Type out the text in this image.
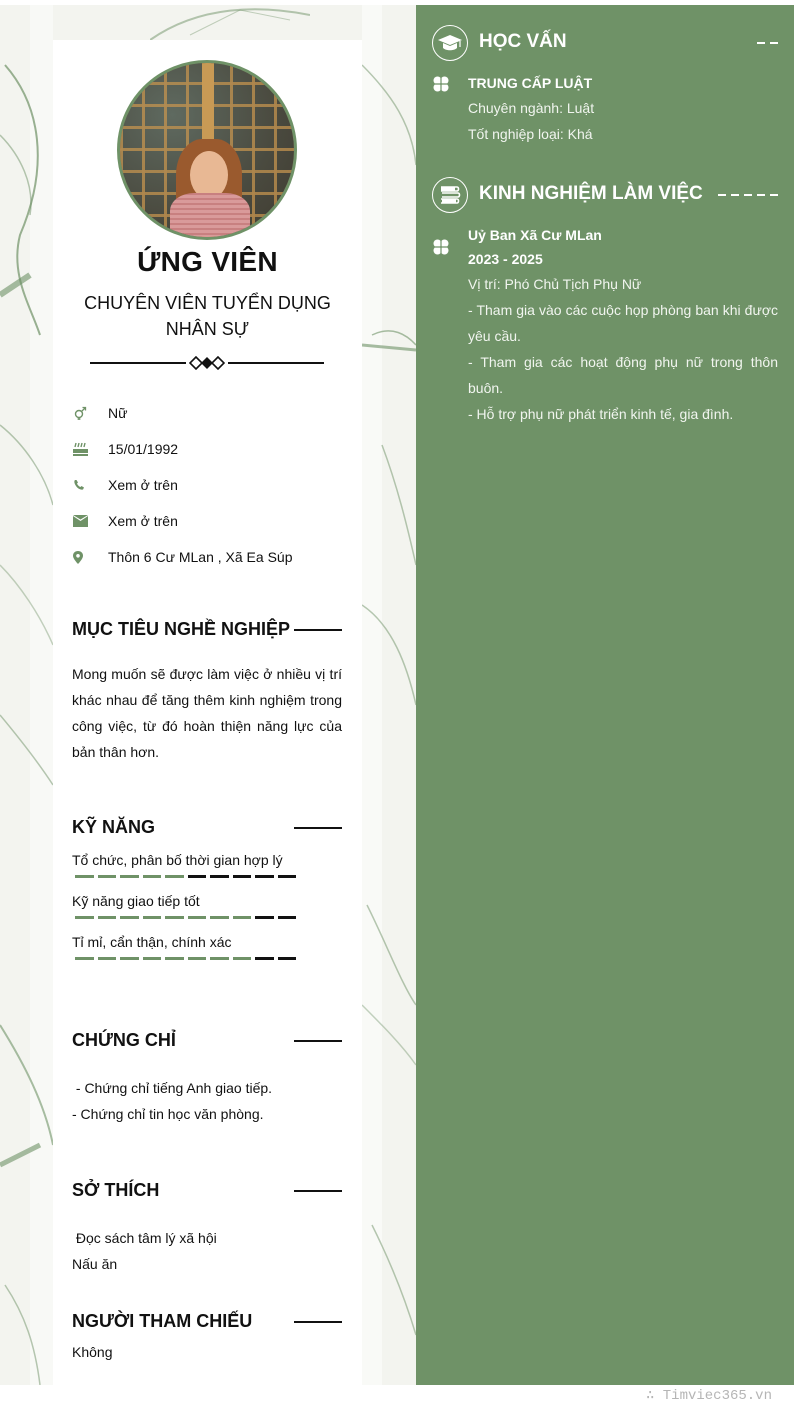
ỨNG VIÊN
CHUYÊN VIÊN TUYỂN DỤNG NHÂN SỰ
Nữ
15/01/1992
Xem ở trên
Xem ở trên
Thôn 6 Cư MLan , Xã Ea Súp
MỤC TIÊU NGHỀ NGHIỆP
Mong muốn sẽ được làm việc ở nhiều vị trí khác nhau để tăng thêm kinh nghiệm trong công việc, từ đó hoàn thiện năng lực của bản thân hơn.
KỸ NĂNG
Tổ chức, phân bố thời gian hợp lý
Kỹ năng giao tiếp tốt
Tỉ mỉ, cẩn thận, chính xác
CHỨNG CHỈ
- Chứng chỉ tiếng Anh giao tiếp.
- Chứng chỉ tin học văn phòng.
SỞ THÍCH
Đọc sách tâm lý xã hội
Nấu ăn
NGƯỜI THAM CHIẾU
Không
HỌC VẤN
TRUNG CẤP LUẬT
Chuyên ngành: Luật
Tốt nghiệp loại: Khá
KINH NGHIỆM LÀM VIỆC
Uỷ Ban Xã Cư MLan
2023 - 2025
Vị trí: Phó Chủ Tịch Phụ Nữ
- Tham gia vào các cuộc họp phòng ban khi được yêu cầu.
- Tham gia các hoạt động phụ nữ trong thôn buôn.
- Hỗ trợ phụ nữ phát triển kinh tế, gia đình.
∴ Timviec365.vn
